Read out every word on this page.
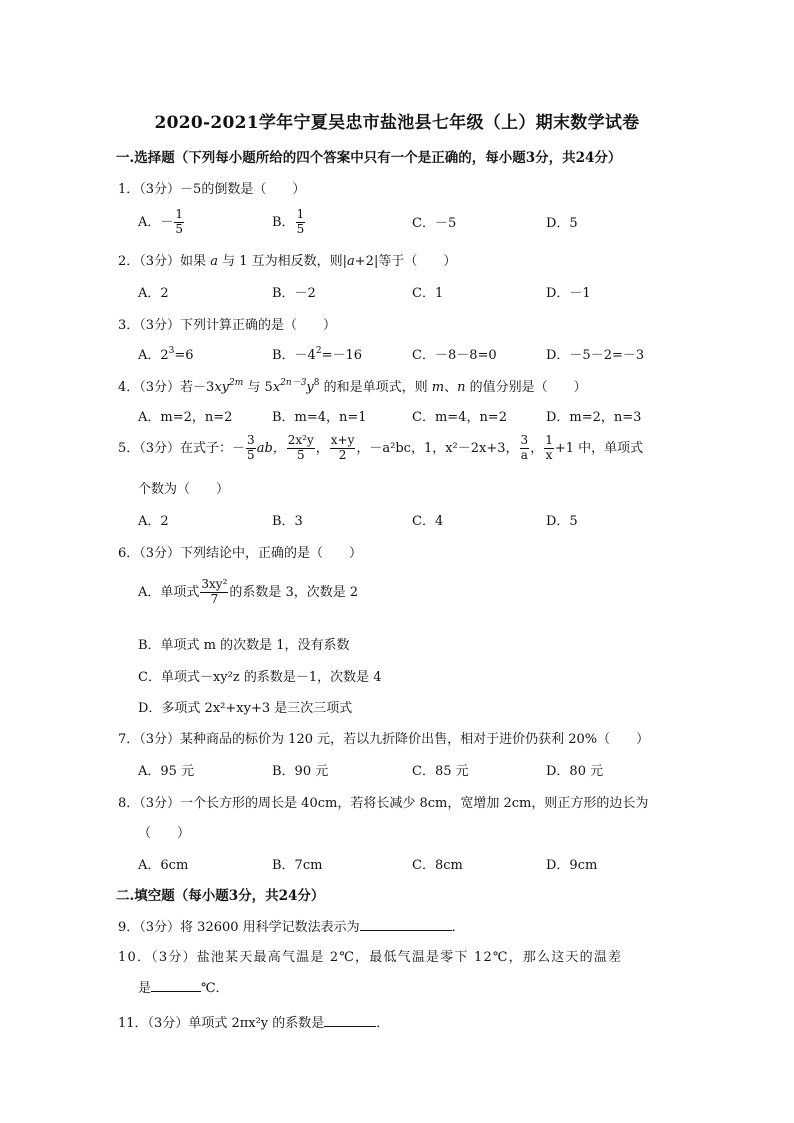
2020-2021学年宁夏吴忠市盐池县七年级（上）期末数学试卷
一.选择题（下列每小题所给的四个答案中只有一个是正确的，每小题3分，共24分）
1．（3分）－5的倒数是（　　）
A．－ $\frac{1}{5}$	B． $\frac{1}{5}$	C．－5	D．5
2．（3分）如果 a 与 1 互为相反数，则|a+2|等于（　　）
A．2	B．－2	C．1	D．－1
3．（3分）下列计算正确的是（　　）
A．$2^3=6$	B．$-4^2=-16$	C．－8－8=0	D．－5－2=－3
4．（3分）若$-3xy^{2m}$ 与 $5x^{2n-3}y^8$ 的和是单项式，则 m、n 的值分别是（　　）
A．m=2，n=2	B．m=4，n=1	C．m=4，n=2	D．m=2，n=3
5．（3分）在式子：－ $\frac{3}{5}$ ab， $\frac{\text{2x²y}}{5}$ ， $\frac{x+y}{2}$ ，－a²bc，1，x²－2x+3， $\frac{3}{a}$ ， $\frac{1}{x} +1$ 中，单项式
个数为（　　）
A．2	B．3	C．4	D．5
6．（3分）下列结论中，正确的是（　　）
A．单项式 $\frac{\text{3xy²}}{7}$ 的系数是 3，次数是 2
B．单项式 m 的次数是 1，没有系数
C．单项式－xy²z 的系数是－1，次数是 4
D．多项式 2x²+xy+3 是三次三项式
7．（3分）某种商品的标价为 120 元，若以九折降价出售，相对于进价仍获利 20%（　　）
A．95 元	B．90 元	C．85 元	D．80 元
8．（3分）一个长方形的周长是 40cm，若将长减少 8cm，宽增加 2cm，则正方形的边长为
（　　）
A．6cm	B．7cm	C．8cm	D．9cm
二.填空题（每小题3分，共24分）
9．（3分）将 32600 用科学记数法表示为	．
10．（3分）盐池某天最高气温是 2℃，最低气温是零下 12℃，那么这天的温差
是	℃．
11．（3分）单项式 2πx²y 的系数是	．
